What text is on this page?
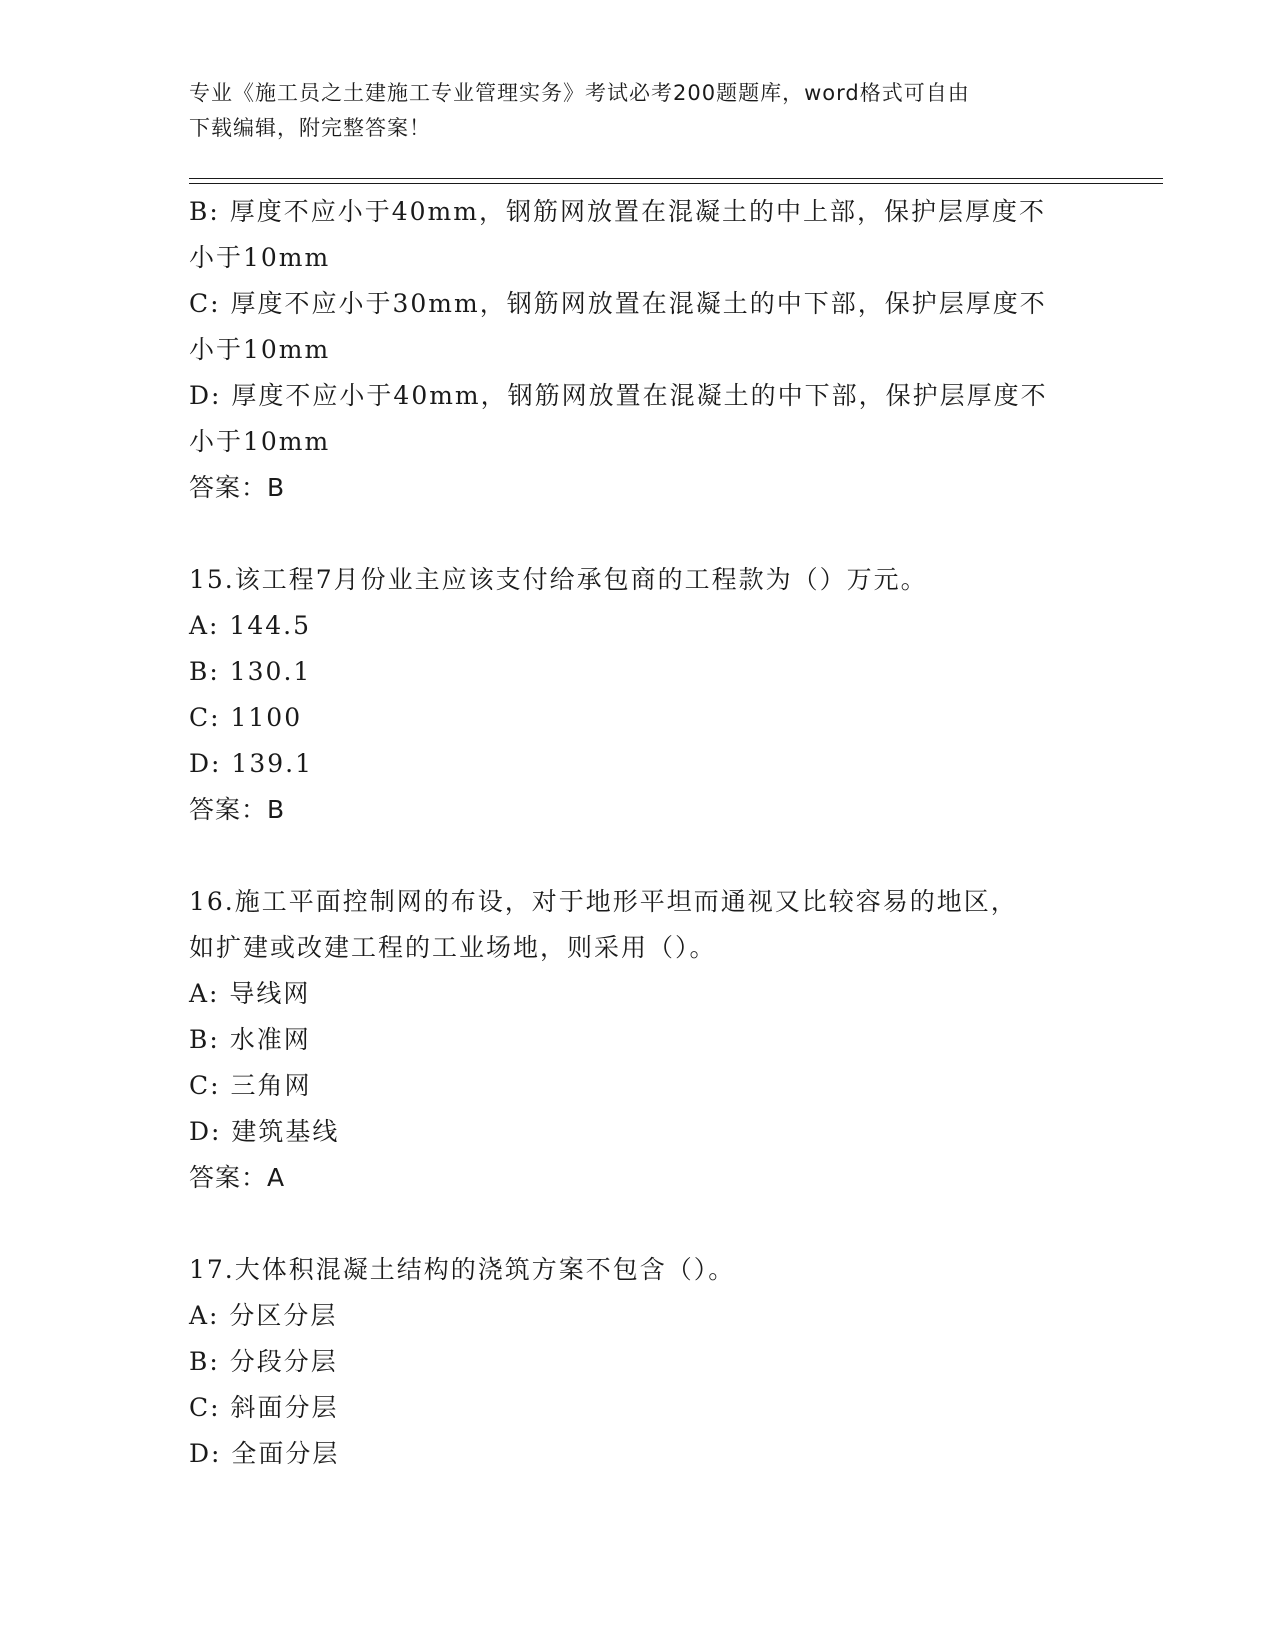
专业《施工员之土建施工专业管理实务》考试必考200题题库，word格式可自由
下载编辑，附完整答案！
B: 厚度不应小于40mm，钢筋网放置在混凝土的中上部，保护层厚度不
小于10mm
C: 厚度不应小于30mm，钢筋网放置在混凝土的中下部，保护层厚度不
小于10mm
D: 厚度不应小于40mm，钢筋网放置在混凝土的中下部，保护层厚度不
小于10mm
答案：B
15.该工程7月份业主应该支付给承包商的工程款为（）万元。
A: 144.5
B: 130.1
C: 1100
D: 139.1
答案：B
16.施工平面控制网的布设，对于地形平坦而通视又比较容易的地区，
如扩建或改建工程的工业场地，则采用（）。
A: 导线网
B: 水准网
C: 三角网
D: 建筑基线
答案：A
17.大体积混凝土结构的浇筑方案不包含（）。
A: 分区分层
B: 分段分层
C: 斜面分层
D: 全面分层
